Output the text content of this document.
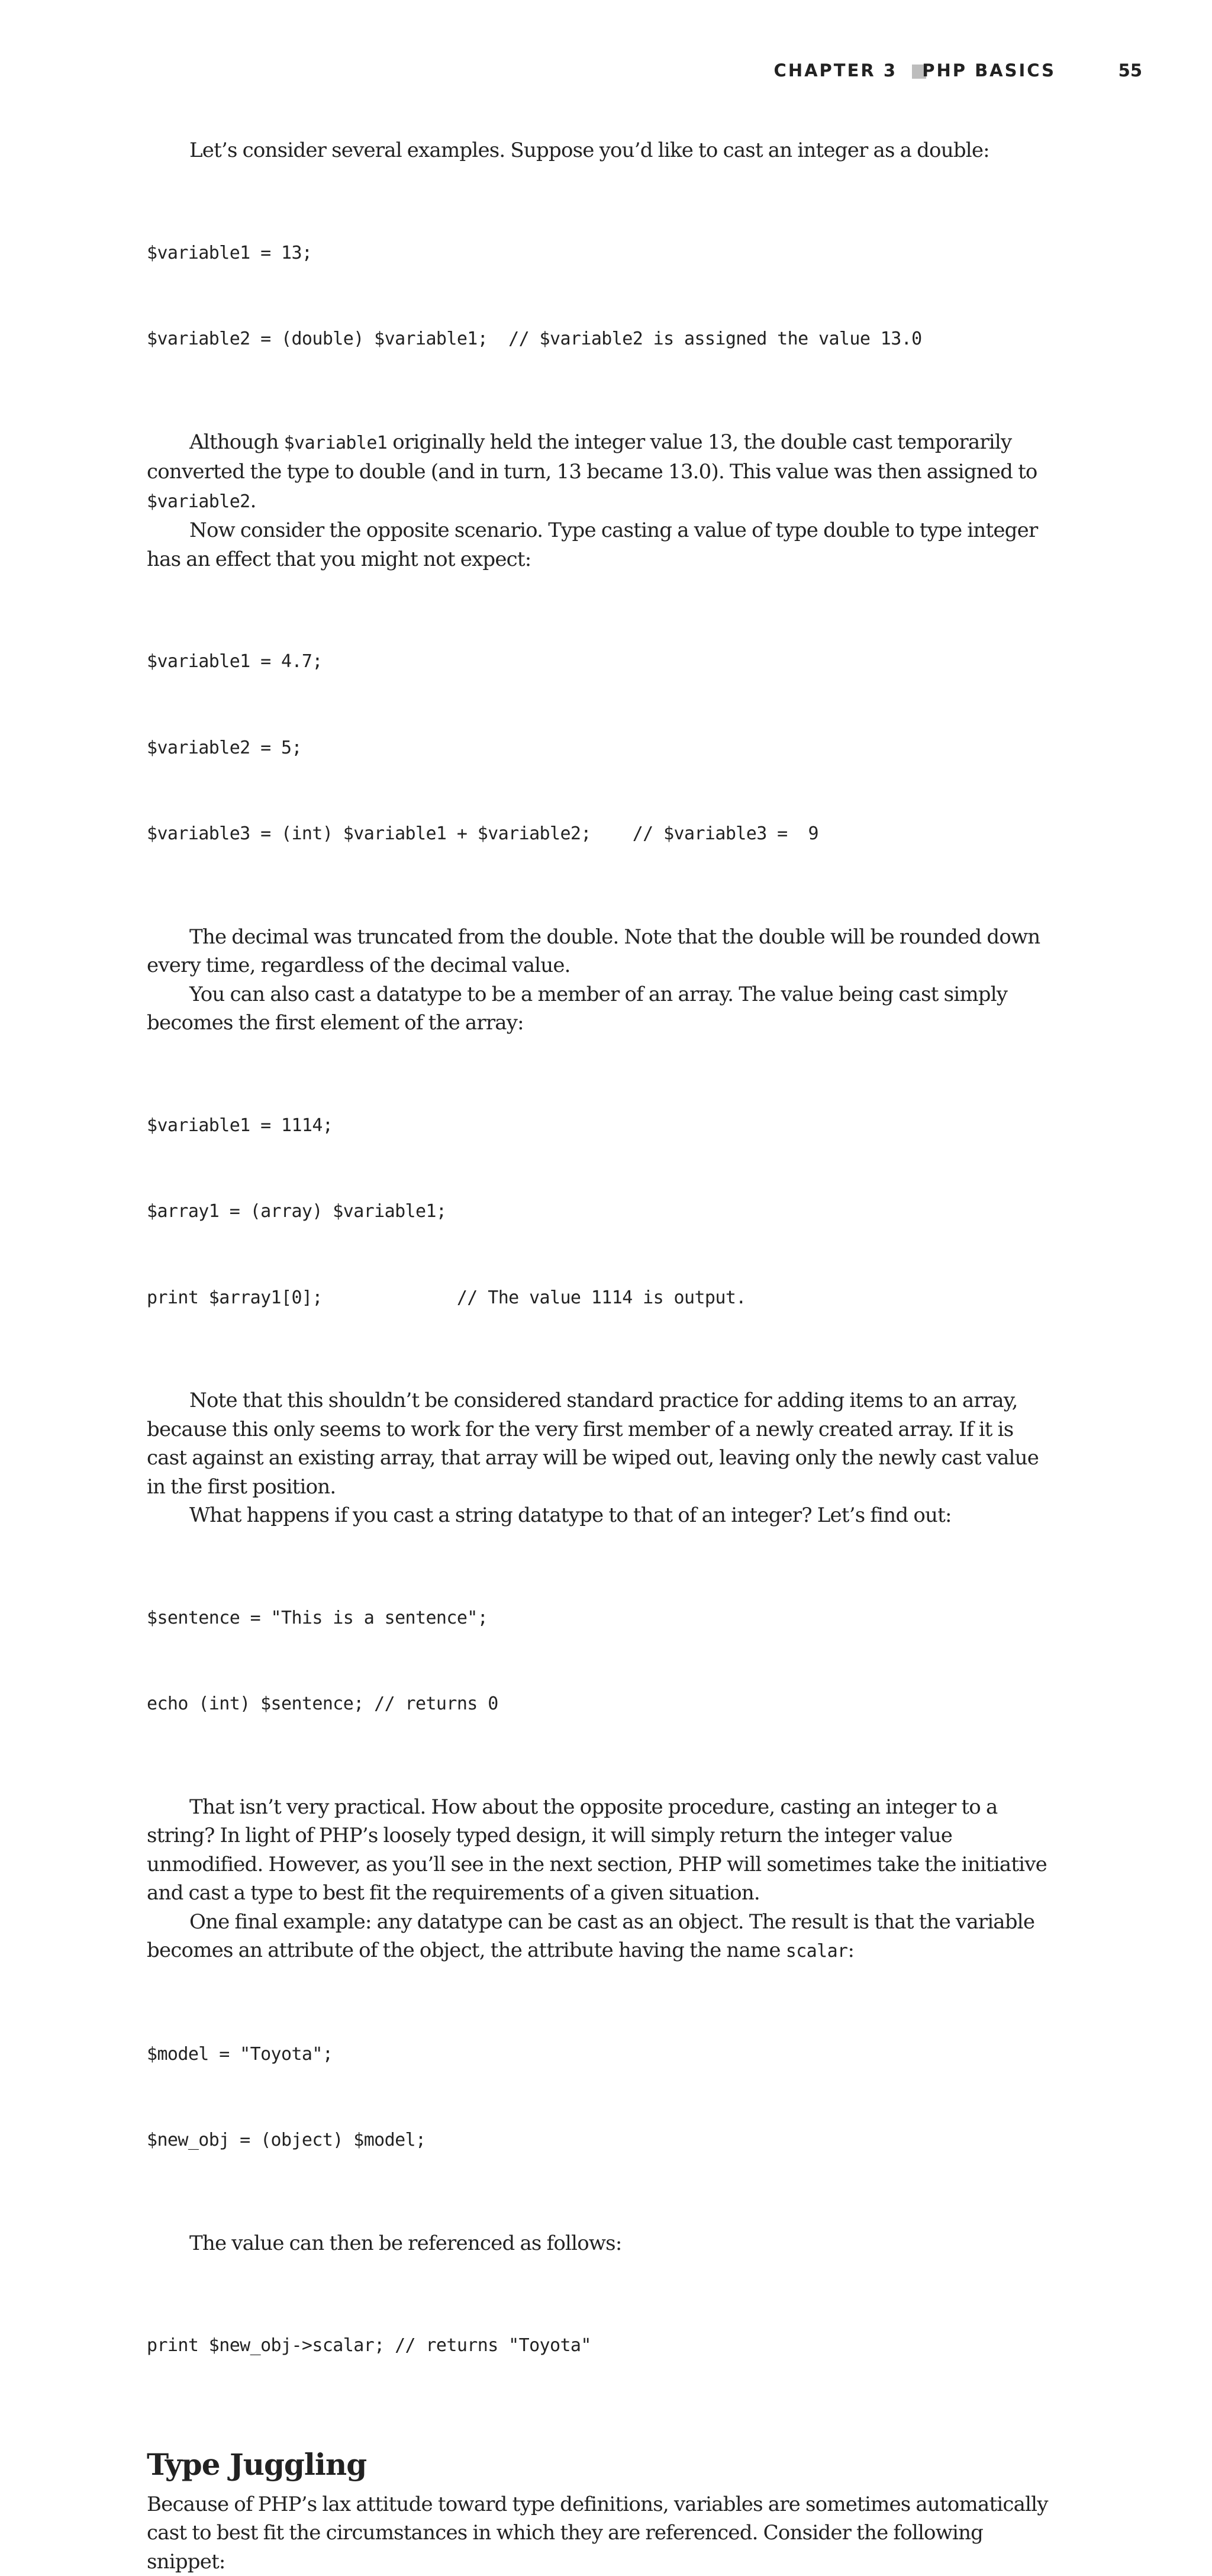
CHAPTER 3 PHP BASICS	55

Let’s consider several examples. Suppose you’d like to cast an integer as a double:

$variable1 = 13;

$variable2 = (double) $variable1;  // $variable2 is assigned the value 13.0

Although $variable1 originally held the integer value 13, the double cast temporarily converted the type to double (and in turn, 13 became 13.0). This value was then assigned to $variable2.

Now consider the opposite scenario. Type casting a value of type double to type integer has an effect that you might not expect:

$variable1 = 4.7;

$variable2 = 5;

$variable3 = (int) $variable1 + $variable2;    // $variable3 =  9

The decimal was truncated from the double. Note that the double will be rounded down every time, regardless of the decimal value.

You can also cast a datatype to be a member of an array. The value being cast simply becomes the first element of the array:

$variable1 = 1114;

$array1 = (array) $variable1;

print $array1[0];             // The value 1114 is output.

Note that this shouldn’t be considered standard practice for adding items to an array, because this only seems to work for the very first member of a newly created array. If it is cast against an existing array, that array will be wiped out, leaving only the newly cast value in the first position.

What happens if you cast a string datatype to that of an integer? Let’s find out:

$sentence = "This is a sentence";

echo (int) $sentence; // returns 0

That isn’t very practical. How about the opposite procedure, casting an integer to a string? In light of PHP’s loosely typed design, it will simply return the integer value unmodified. However, as you’ll see in the next section, PHP will sometimes take the initiative and cast a type to best fit the requirements of a given situation.

One final example: any datatype can be cast as an object. The result is that the variable becomes an attribute of the object, the attribute having the name scalar:

$model = "Toyota";

$new_obj = (object) $model;

The value can then be referenced as follows:

print $new_obj->scalar; // returns "Toyota"

Type Juggling

Because of PHP’s lax attitude toward type definitions, variables are sometimes automatically cast to best fit the circumstances in which they are referenced. Consider the following snippet:
